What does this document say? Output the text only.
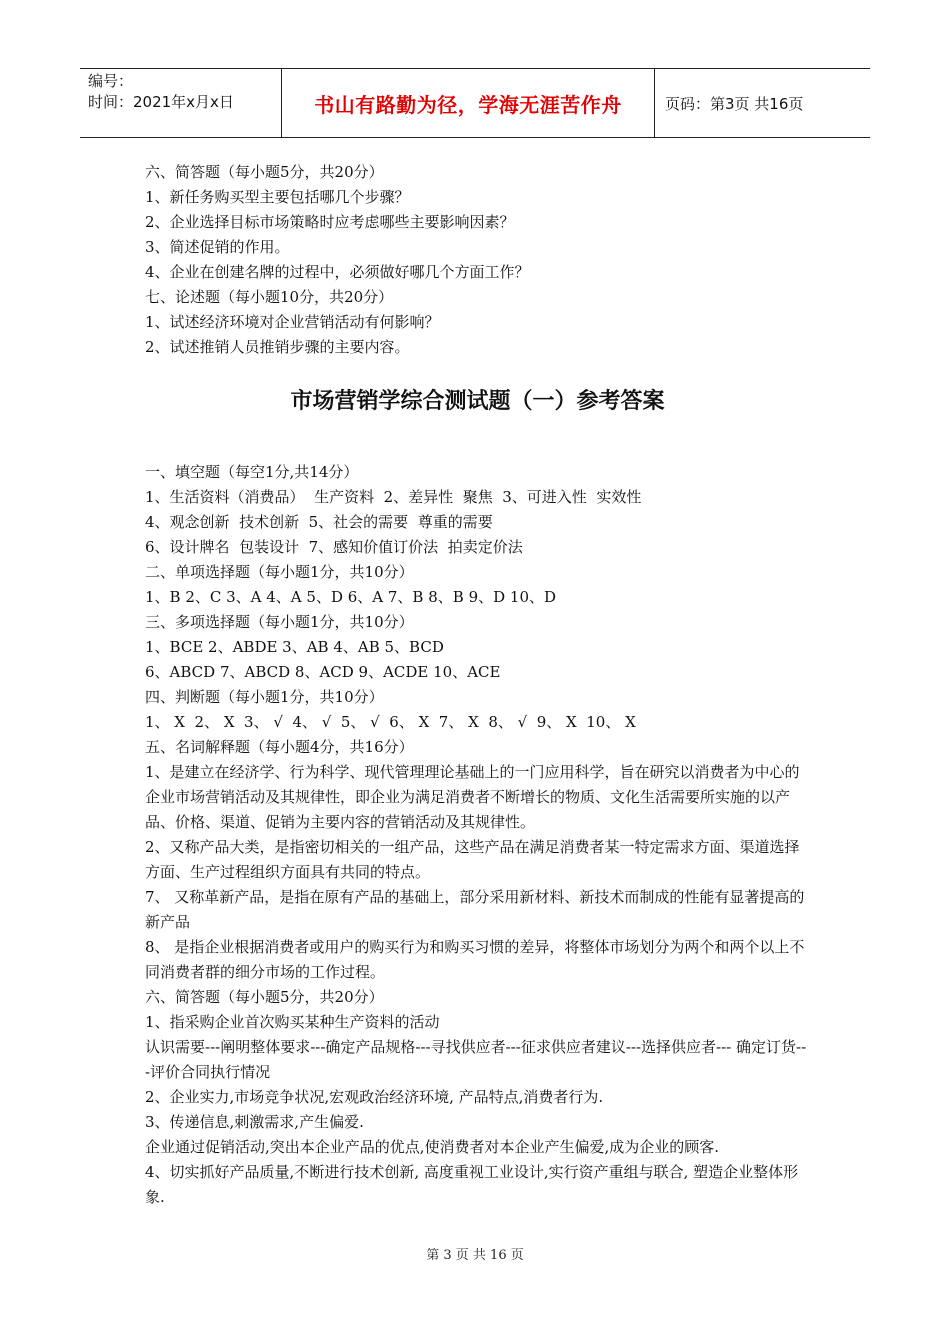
编号：
时间：2021年x月x日	书山有路勤为径，学海无涯苦作舟	页码：第3页 共16页
六、简答题（每小题5分，共20分）
1、新任务购买型主要包括哪几个步骤？
2、企业选择目标市场策略时应考虑哪些主要影响因素？
3、简述促销的作用。
4、企业在创建名牌的过程中，必须做好哪几个方面工作？
七、论述题（每小题10分，共20分）
1、试述经济环境对企业营销活动有何影响？
2、试述推销人员推销步骤的主要内容。
市场营销学综合测试题（一）参考答案
一、填空题（每空1分,共14分）
1、生活资料（消费品）  生产资料  2、差异性  聚焦  3、可进入性  实效性
4、观念创新  技术创新  5、社会的需要  尊重的需要
6、设计牌名  包装设计  7、感知价值订价法  拍卖定价法
二、单项选择题（每小题1分，共10分）
1、B 2、C 3、A 4、A 5、D 6、A 7、B 8、B 9、D 10、D
三、多项选择题（每小题1分，共10分）
1、BCE 2、ABDE 3、AB 4、AB 5、BCD
6、ABCD 7、ABCD 8、ACD 9、ACDE 10、ACE
四、判断题（每小题1分，共10分）
1、 X  2、 X  3、 √  4、 √  5、 √  6、 X  7、 X  8、 √  9、 X  10、 X
五、名词解释题（每小题4分，共16分）
1、是建立在经济学、行为科学、现代管理理论基础上的一门应用科学，旨在研究以消费者为中心的企业市场营销活动及其规律性，即企业为满足消费者不断增长的物质、文化生活需要所实施的以产品、价格、渠道、促销为主要内容的营销活动及其规律性。
2、又称产品大类，是指密切相关的一组产品，这些产品在满足消费者某一特定需求方面、渠道选择方面、生产过程组织方面具有共同的特点。
7、 又称革新产品，是指在原有产品的基础上，部分采用新材料、新技术而制成的性能有显著提高的新产品
8、 是指企业根据消费者或用户的购买行为和购买习惯的差异，将整体市场划分为两个和两个以上不同消费者群的细分市场的工作过程。
六、简答题（每小题5分，共20分）
1、指采购企业首次购买某种生产资料的活动
认识需要---阐明整体要求---确定产品规格---寻找供应者---征求供应者建议---选择供应者--- 确定订货---评价合同执行情况
2、企业实力,市场竞争状况,宏观政治经济环境, 产品特点,消费者行为.
3、传递信息,刺激需求,产生偏爱.
企业通过促销活动,突出本企业产品的优点,使消费者对本企业产生偏爱,成为企业的顾客.
4、切实抓好产品质量,不断进行技术创新, 高度重视工业设计,实行资产重组与联合, 塑造企业整体形象.
第 3 页 共 16 页
